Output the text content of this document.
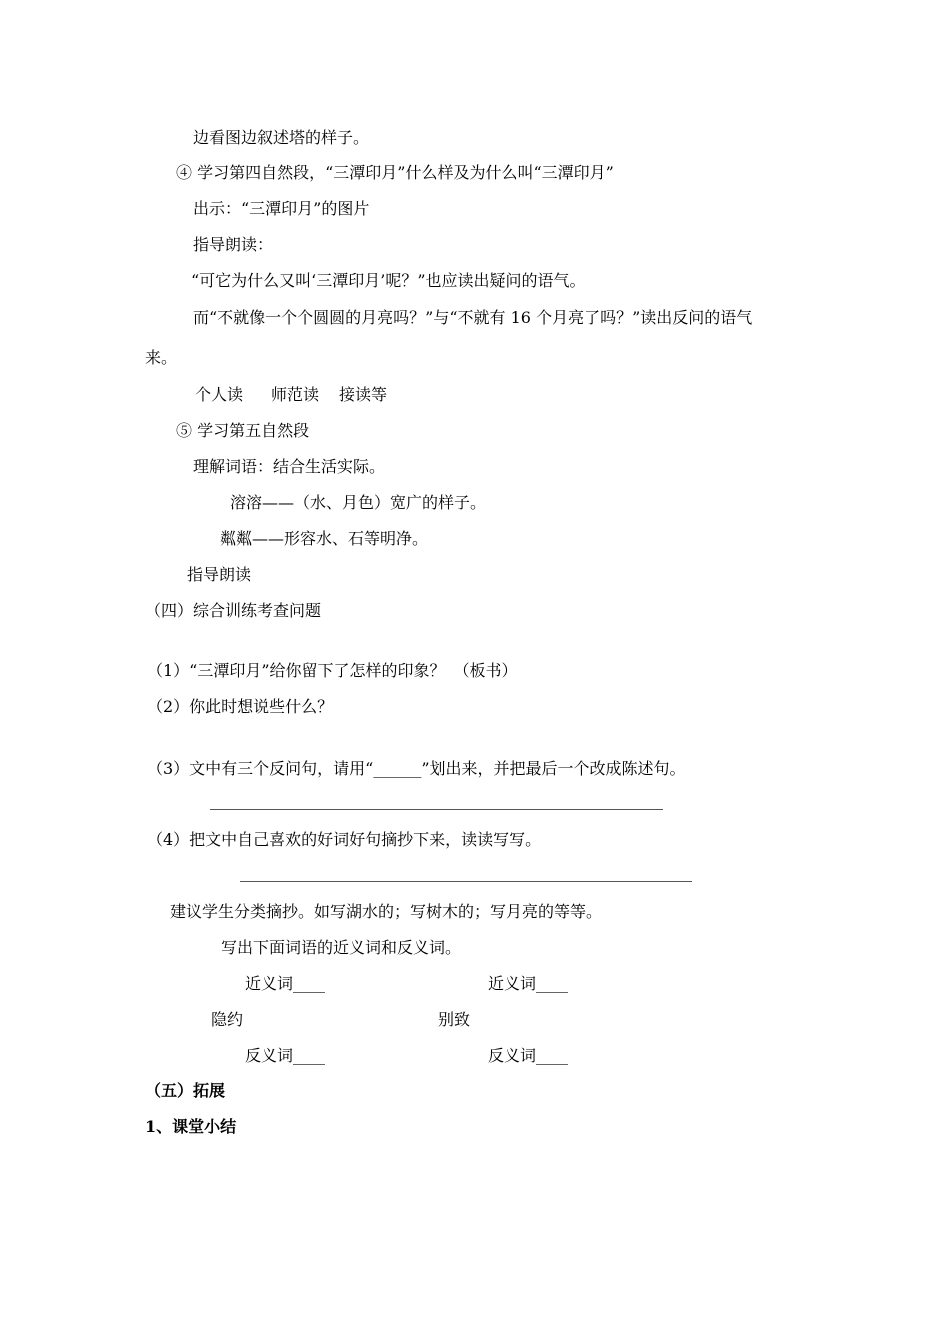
边看图边叙述塔的样子。
④ 学习第四自然段，“三潭印月”什么样及为什么叫“三潭印月”
出示：“三潭印月”的图片
指导朗读：
“可它为什么又叫‘三潭印月’呢？”也应读出疑问的语气。
而“不就像一个个圆圆的月亮吗？”与“不就有 16 个月亮了吗？”读出反问的语气
来。
个人读 师范读 接读等
⑤ 学习第五自然段
理解词语：结合生活实际。
溶溶——（水、月色）宽广的样子。
粼粼——形容水、石等明净。
指导朗读
（四）综合训练考查问题
（1）“三潭印月”给你留下了怎样的印象？　（板书）
（2）你此时想说些什么？
（3）文中有三个反问句，请用“______”划出来，并把最后一个改成陈述句。
（4）把文中自己喜欢的好词好句摘抄下来，读读写写。
建议学生分类摘抄。如写湖水的；写树木的；写月亮的等等。
写出下面词语的近义词和反义词。
近义词____	近义词____
隐约	别致
反义词____	反义词____
（五）拓展
1、课堂小结
